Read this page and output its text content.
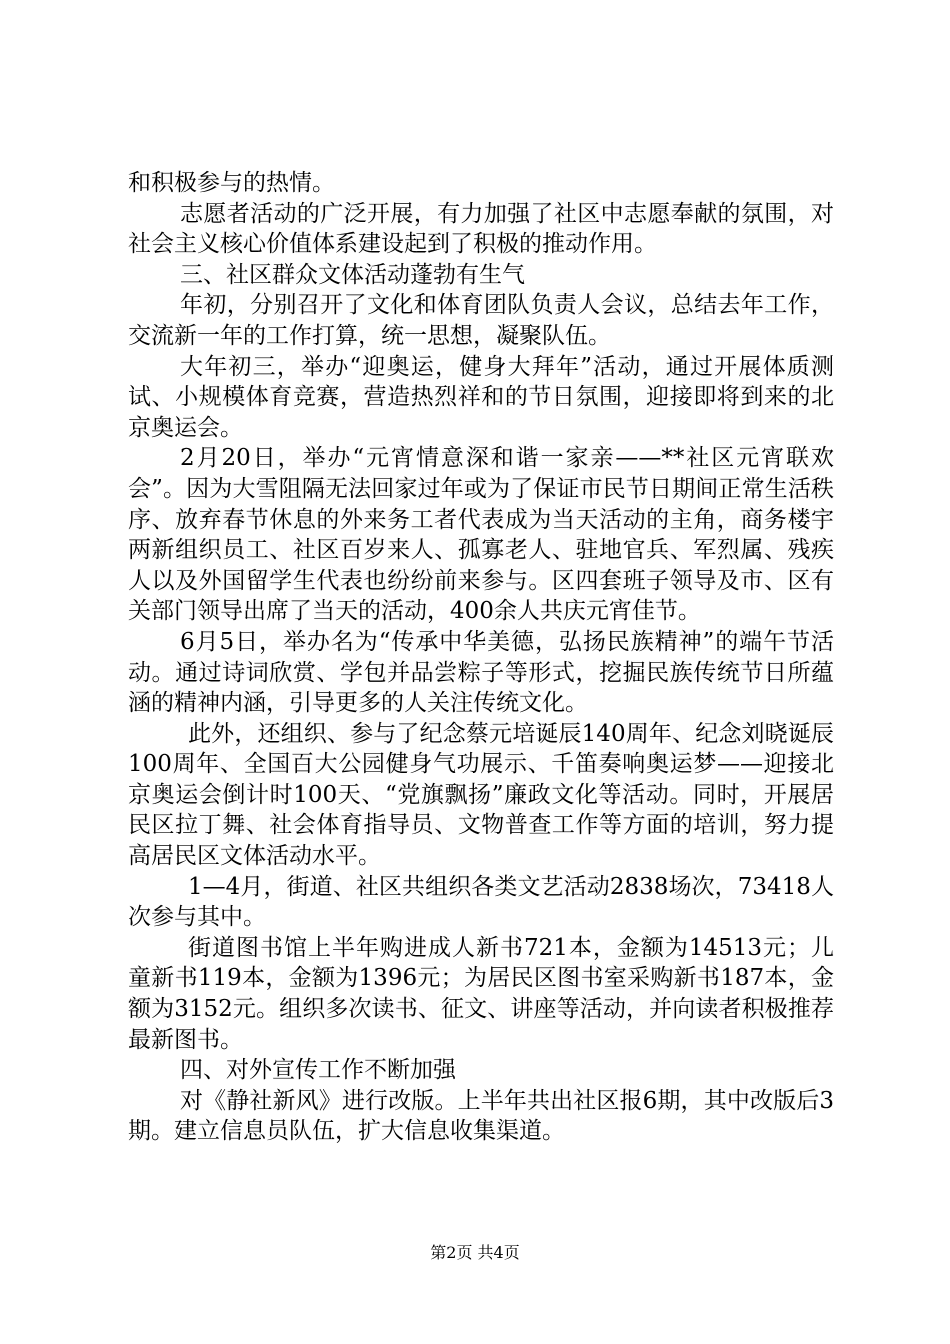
和积极参与的热情。

志愿者活动的广泛开展，有力加强了社区中志愿奉献的氛围，对社会主义核心价值体系建设起到了积极的推动作用。

三、社区群众文体活动蓬勃有生气

年初，分别召开了文化和体育团队负责人会议，总结去年工作，交流新一年的工作打算，统一思想，凝聚队伍。

大年初三，举办“迎奥运，健身大拜年”活动，通过开展体质测试、小规模体育竞赛，营造热烈祥和的节日氛围，迎接即将到来的北京奥运会。

2月20日，举办“元宵情意深和谐一家亲——**社区元宵联欢会”。因为大雪阻隔无法回家过年或为了保证市民节日期间正常生活秩序、放弃春节休息的外来务工者代表成为当天活动的主角，商务楼宇两新组织员工、社区百岁来人、孤寡老人、驻地官兵、军烈属、残疾人以及外国留学生代表也纷纷前来参与。区四套班子领导及市、区有关部门领导出席了当天的活动，400余人共庆元宵佳节。

6月5日，举办名为“传承中华美德，弘扬民族精神”的端午节活动。通过诗词欣赏、学包并品尝粽子等形式，挖掘民族传统节日所蕴涵的精神内涵，引导更多的人关注传统文化。

此外，还组织、参与了纪念蔡元培诞辰140周年、纪念刘晓诞辰100周年、全国百大公园健身气功展示、千笛奏响奥运梦——迎接北京奥运会倒计时100天、“党旗飘扬”廉政文化等活动。同时，开展居民区拉丁舞、社会体育指导员、文物普查工作等方面的培训，努力提高居民区文体活动水平。

1—4月，街道、社区共组织各类文艺活动2838场次，73418人次参与其中。

街道图书馆上半年购进成人新书721本，金额为14513元；儿童新书119本，金额为1396元；为居民区图书室采购新书187本，金额为3152元。组织多次读书、征文、讲座等活动，并向读者积极推荐最新图书。

四、对外宣传工作不断加强

对《静社新风》进行改版。上半年共出社区报6期，其中改版后3期。建立信息员队伍，扩大信息收集渠道。

第2页 共4页
